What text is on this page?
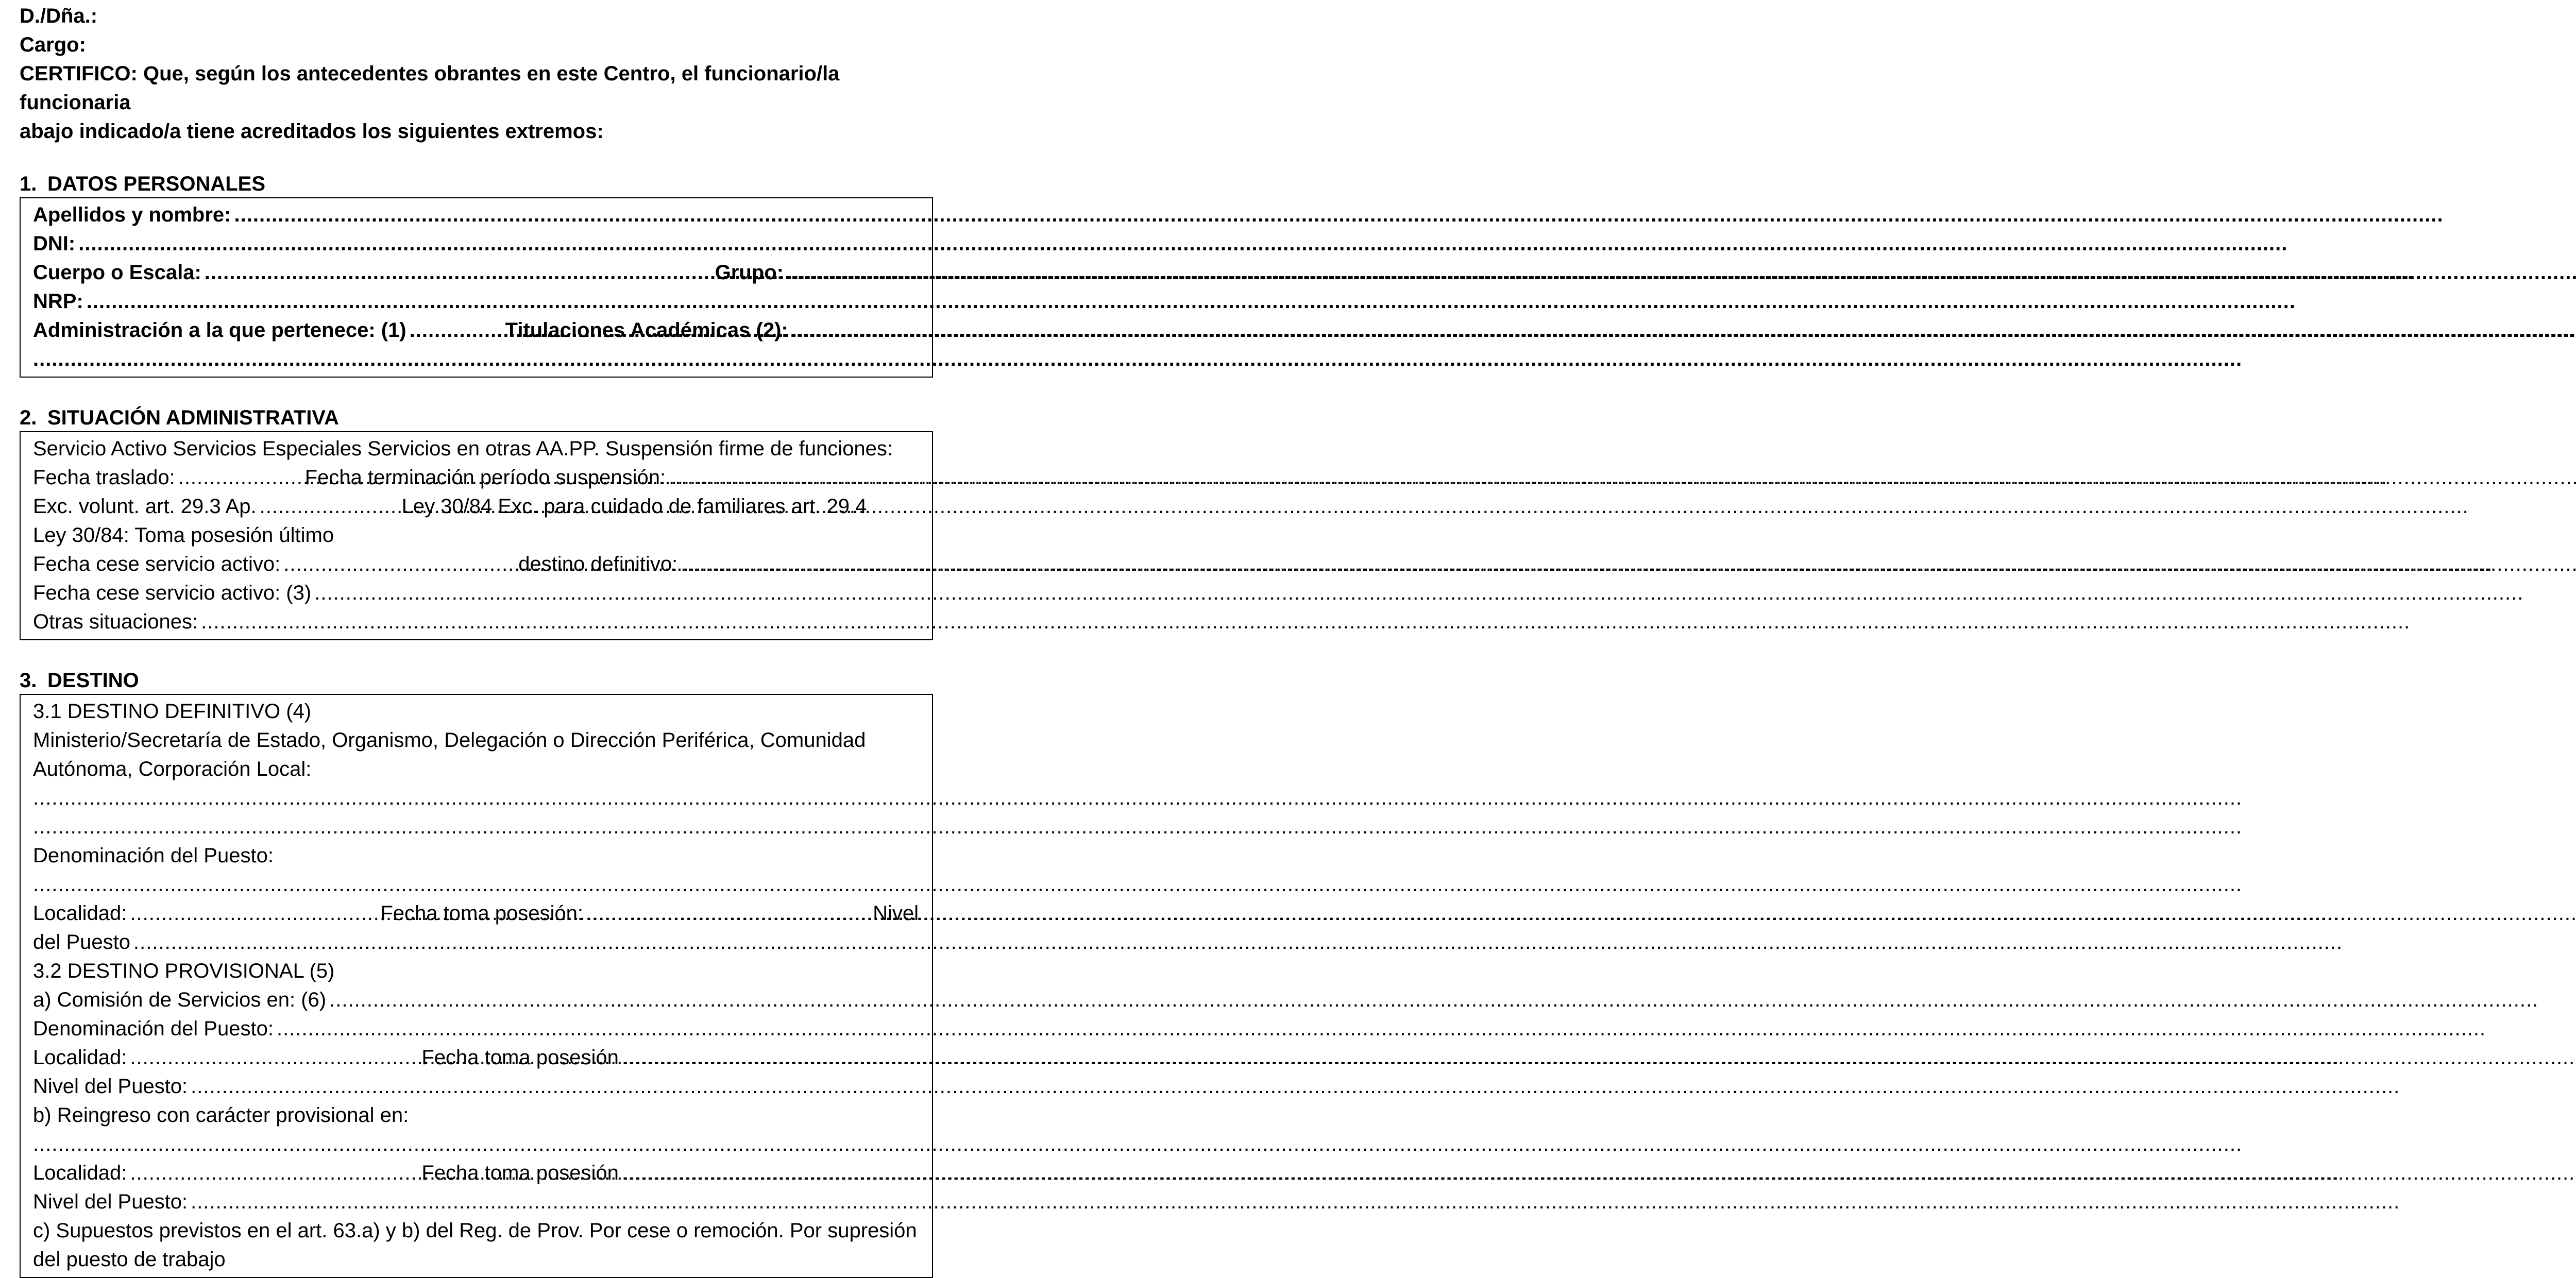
D./Dña.:
Cargo:
CERTIFICO: Que, según los antecedentes obrantes en este Centro, el funcionario/la funcionaria
abajo indicado/a tiene acreditados los siguientes extremos:
1. DATOS PERSONALES
Apellidos y nombre:
.....
DNI:
.....
Cuerpo o Escala: .....	Grupo:
.....
NRP:
.....
Administración a la que pertenece: (1) .....	Titulaciones Académicas (2):
.....
.....
2. SITUACIÓN ADMINISTRATIVA
Servicio Activo Servicios Especiales Servicios en otras AA.PP. Suspensión firme de funciones:
Fecha traslado: .....	Fecha terminación período suspensión:
.....
Exc. volunt. art. 29.3 Ap. .....	Ley 30/84 Exc. para cuidado de familiares art. 29.4
Ley 30/84: Toma posesión último
Fecha cese servicio activo: .....	destino definitivo:
.....
Fecha cese servicio activo: (3)
.....
Otras situaciones:
.....
3. DESTINO
3.1 DESTINO DEFINITIVO (4)
Ministerio/Secretaría de Estado, Organismo, Delegación o Dirección Periférica, Comunidad Autónoma, Corporación Local:
.....
.....
Denominación del Puesto:
.....
Localidad: .....	Fecha toma posesión: .....	Nivel
del Puesto
.....
3.2 DESTINO PROVISIONAL (5)
a) Comisión de Servicios en: (6)
.....
Denominación del Puesto:
.....
Localidad: .....	Fecha toma posesión
.....
Nivel del Puesto:
.....
b) Reingreso con carácter provisional en:
.....
Localidad: .....	Fecha toma posesión
.....
Nivel del Puesto:
.....
c) Supuestos previstos en el art. 63.a) y b) del Reg. de Prov. Por cese o remoción. Por supresión del puesto de trabajo
